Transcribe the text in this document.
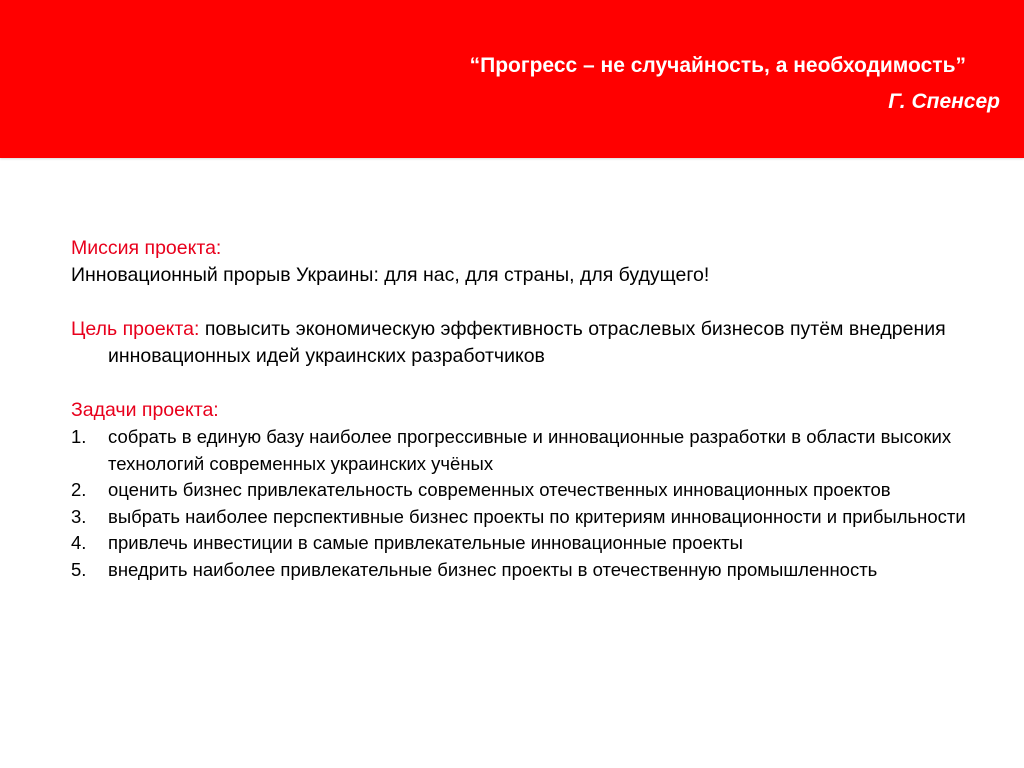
“Прогресс – не случайность, а необходимость”
Г. Спенсер
Миссия проекта:
Инновационный прорыв Украины: для нас, для страны, для будущего!
Цель проекта: повысить экономическую эффективность отраслевых бизнесов путём внедрения инновационных идей украинских разработчиков
Задачи проекта:
1. собрать в единую базу наиболее прогрессивные и инновационные разработки в области высоких технологий современных украинских учёных
2. оценить бизнес привлекательность современных отечественных инновационных проектов
3. выбрать наиболее перспективные бизнес проекты по критериям инновационности и прибыльности
4. привлечь инвестиции в самые привлекательные инновационные проекты
5. внедрить наиболее привлекательные бизнес проекты в отечественную промышленность
